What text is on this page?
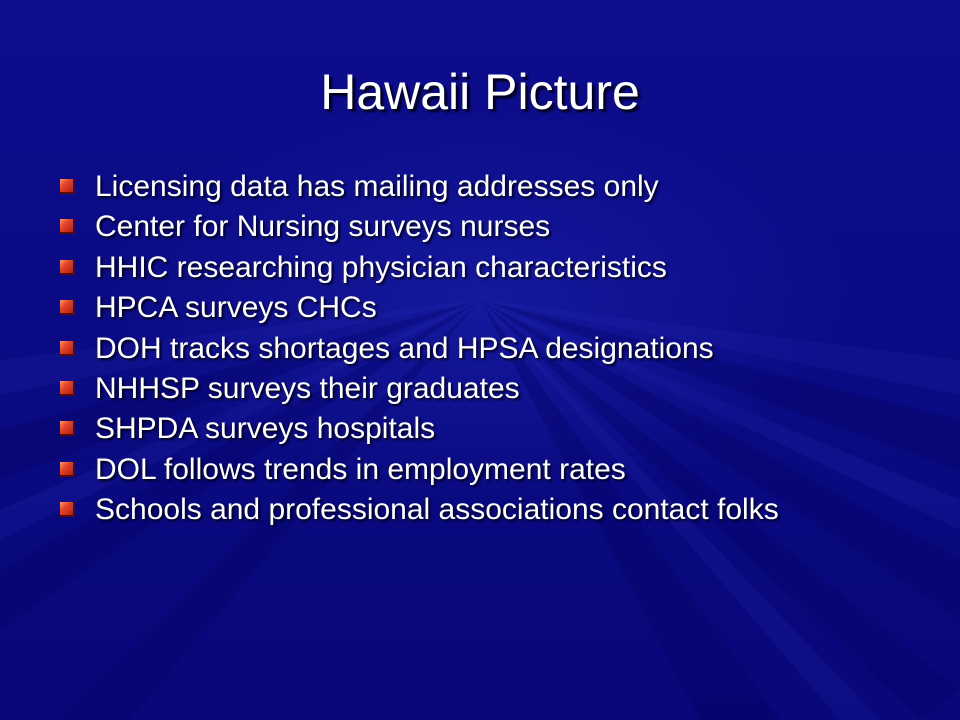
Hawaii Picture
Licensing data has mailing addresses only
Center for Nursing surveys nurses
HHIC researching physician characteristics
HPCA surveys CHCs
DOH tracks shortages and HPSA designations
NHHSP surveys their graduates
SHPDA surveys hospitals
DOL follows trends in employment rates
Schools and professional associations contact folks
